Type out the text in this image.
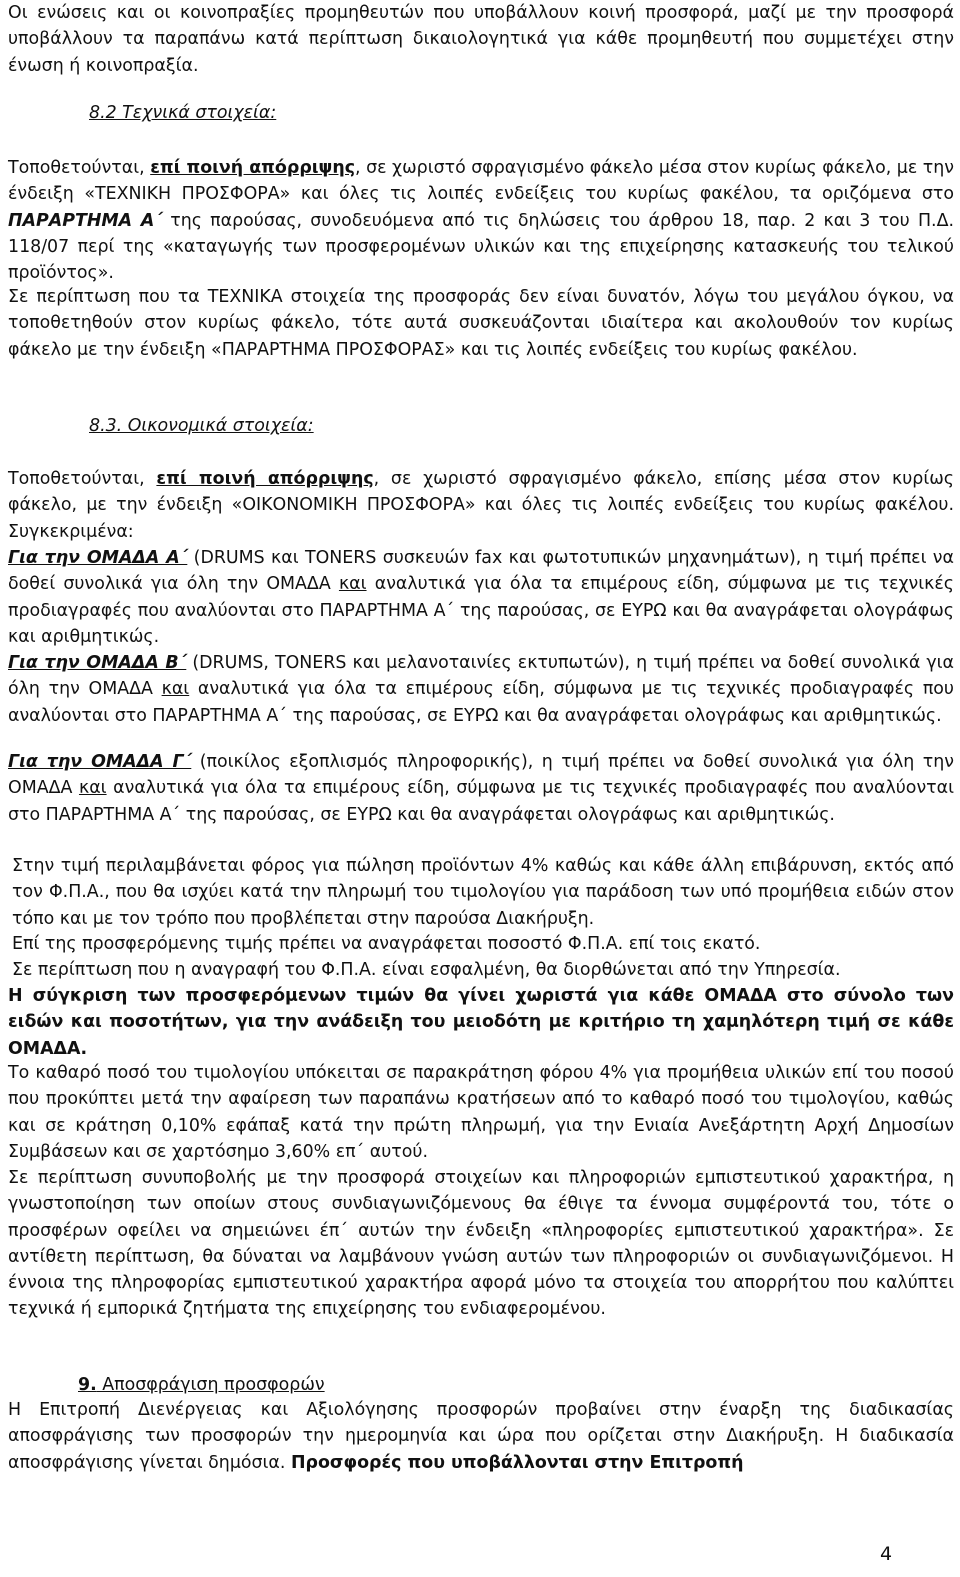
Οι ενώσεις και οι κοινοπραξίες προμηθευτών που υποβάλλουν κοινή προσφορά, μαζί με την προσφορά υποβάλλουν τα παραπάνω κατά περίπτωση δικαιολογητικά για κάθε προμηθευτή που συμμετέχει στην ένωση ή κοινοπραξία.

8.2 Τεχνικά στοιχεία:

Τοποθετούνται, επί ποινή απόρριψης, σε χωριστό σφραγισμένο φάκελο μέσα στον κυρίως φάκελο, με την ένδειξη «ΤΕΧΝΙΚΗ ΠΡΟΣΦΟΡΑ» και όλες τις λοιπές ενδείξεις του κυρίως φακέλου, τα οριζόμενα στο ΠΑΡΑΡΤΗΜΑ Α΄ της παρούσας, συνοδευόμενα από τις δηλώσεις του άρθρου 18, παρ. 2 και 3 του Π.Δ. 118/07 περί της «καταγωγής των προσφερομένων υλικών και της επιχείρησης κατασκευής του τελικού προϊόντος».

Σε περίπτωση που τα ΤΕΧΝΙΚΑ στοιχεία της προσφοράς δεν είναι δυνατόν, λόγω του μεγάλου όγκου, να τοποθετηθούν στον κυρίως φάκελο, τότε αυτά συσκευάζονται ιδιαίτερα και ακολουθούν τον κυρίως φάκελο με την ένδειξη «ΠΑΡΑΡΤΗΜΑ ΠΡΟΣΦΟΡΑΣ» και τις λοιπές ενδείξεις του κυρίως φακέλου.

8.3. Οικονομικά στοιχεία:

Τοποθετούνται, επί ποινή απόρριψης, σε χωριστό σφραγισμένο φάκελο, επίσης μέσα στον κυρίως φάκελο, με την ένδειξη «ΟΙΚΟΝΟΜΙΚΗ ΠΡΟΣΦΟΡΑ» και όλες τις λοιπές ενδείξεις του κυρίως φακέλου. Συγκεκριμένα:

Για την ΟΜΑΔΑ Α΄ (DRUMS και TONERS συσκευών fax και φωτοτυπικών μηχανημάτων), η τιμή πρέπει να δοθεί συνολικά για όλη την ΟΜΑΔΑ και αναλυτικά για όλα τα επιμέρους είδη, σύμφωνα με τις τεχνικές προδιαγραφές που αναλύονται στο ΠΑΡΑΡΤΗΜΑ Α΄ της παρούσας, σε ΕΥΡΩ και θα αναγράφεται ολογράφως και αριθμητικώς.

Για την ΟΜΑΔΑ Β΄ (DRUMS, TONERS και μελανοταινίες εκτυπωτών), η τιμή πρέπει να δοθεί συνολικά για όλη την ΟΜΑΔΑ και αναλυτικά για όλα τα επιμέρους είδη, σύμφωνα με τις τεχνικές προδιαγραφές που αναλύονται στο ΠΑΡΑΡΤΗΜΑ Α΄ της παρούσας, σε ΕΥΡΩ και θα αναγράφεται ολογράφως και αριθμητικώς.

Για την ΟΜΑΔΑ Γ΄ (ποικίλος εξοπλισμός πληροφορικής), η τιμή πρέπει να δοθεί συνολικά για όλη την ΟΜΑΔΑ και αναλυτικά για όλα τα επιμέρους είδη, σύμφωνα με τις τεχνικές προδιαγραφές που αναλύονται στο ΠΑΡΑΡΤΗΜΑ Α΄ της παρούσας, σε ΕΥΡΩ και θα αναγράφεται ολογράφως και αριθμητικώς.

Στην τιμή περιλαμβάνεται φόρος για πώληση προϊόντων 4% καθώς και κάθε άλλη επιβάρυνση, εκτός από τον Φ.Π.Α., που θα ισχύει κατά την πληρωμή του τιμολογίου για παράδοση των υπό προμήθεια ειδών στον τόπο και με τον τρόπο που προβλέπεται στην παρούσα Διακήρυξη.

Επί της προσφερόμενης τιμής πρέπει να αναγράφεται ποσοστό Φ.Π.Α. επί τοις εκατό.

Σε περίπτωση που η αναγραφή του Φ.Π.Α. είναι εσφαλμένη, θα διορθώνεται από την Υπηρεσία.

Η σύγκριση των προσφερόμενων τιμών θα γίνει χωριστά για κάθε ΟΜΑΔΑ στο σύνολο των ειδών και ποσοτήτων, για την ανάδειξη του μειοδότη με κριτήριο τη χαμηλότερη τιμή σε κάθε ΟΜΑΔΑ.

Το καθαρό ποσό του τιμολογίου υπόκειται σε παρακράτηση φόρου 4% για προμήθεια υλικών επί του ποσού που προκύπτει μετά την αφαίρεση των παραπάνω κρατήσεων από το καθαρό ποσό του τιμολογίου, καθώς και σε κράτηση 0,10% εφάπαξ κατά την πρώτη πληρωμή, για την Ενιαία Ανεξάρτητη Αρχή Δημοσίων Συμβάσεων και σε χαρτόσημο 3,60% επ΄ αυτού.

Σε περίπτωση συνυποβολής με την προσφορά στοιχείων και πληροφοριών εμπιστευτικού χαρακτήρα, η γνωστοποίηση των οποίων στους συνδιαγωνιζόμενους θα έθιγε τα έννομα συμφέροντά του, τότε ο προσφέρων οφείλει να σημειώνει έπ΄ αυτών την ένδειξη «πληροφορίες εμπιστευτικού χαρακτήρα». Σε αντίθετη περίπτωση, θα δύναται να λαμβάνουν γνώση αυτών των πληροφοριών οι συνδιαγωνιζόμενοι. Η έννοια της πληροφορίας εμπιστευτικού χαρακτήρα αφορά μόνο τα στοιχεία του απορρήτου που καλύπτει τεχνικά ή εμπορικά ζητήματα της επιχείρησης του ενδιαφερομένου.

9. Αποσφράγιση προσφορών

Η Επιτροπή Διενέργειας και Αξιολόγησης προσφορών προβαίνει στην έναρξη της διαδικασίας αποσφράγισης των προσφορών την ημερομηνία και ώρα που ορίζεται στην Διακήρυξη. Η διαδικασία αποσφράγισης γίνεται δημόσια. Προσφορές που υποβάλλονται στην Επιτροπή

4
